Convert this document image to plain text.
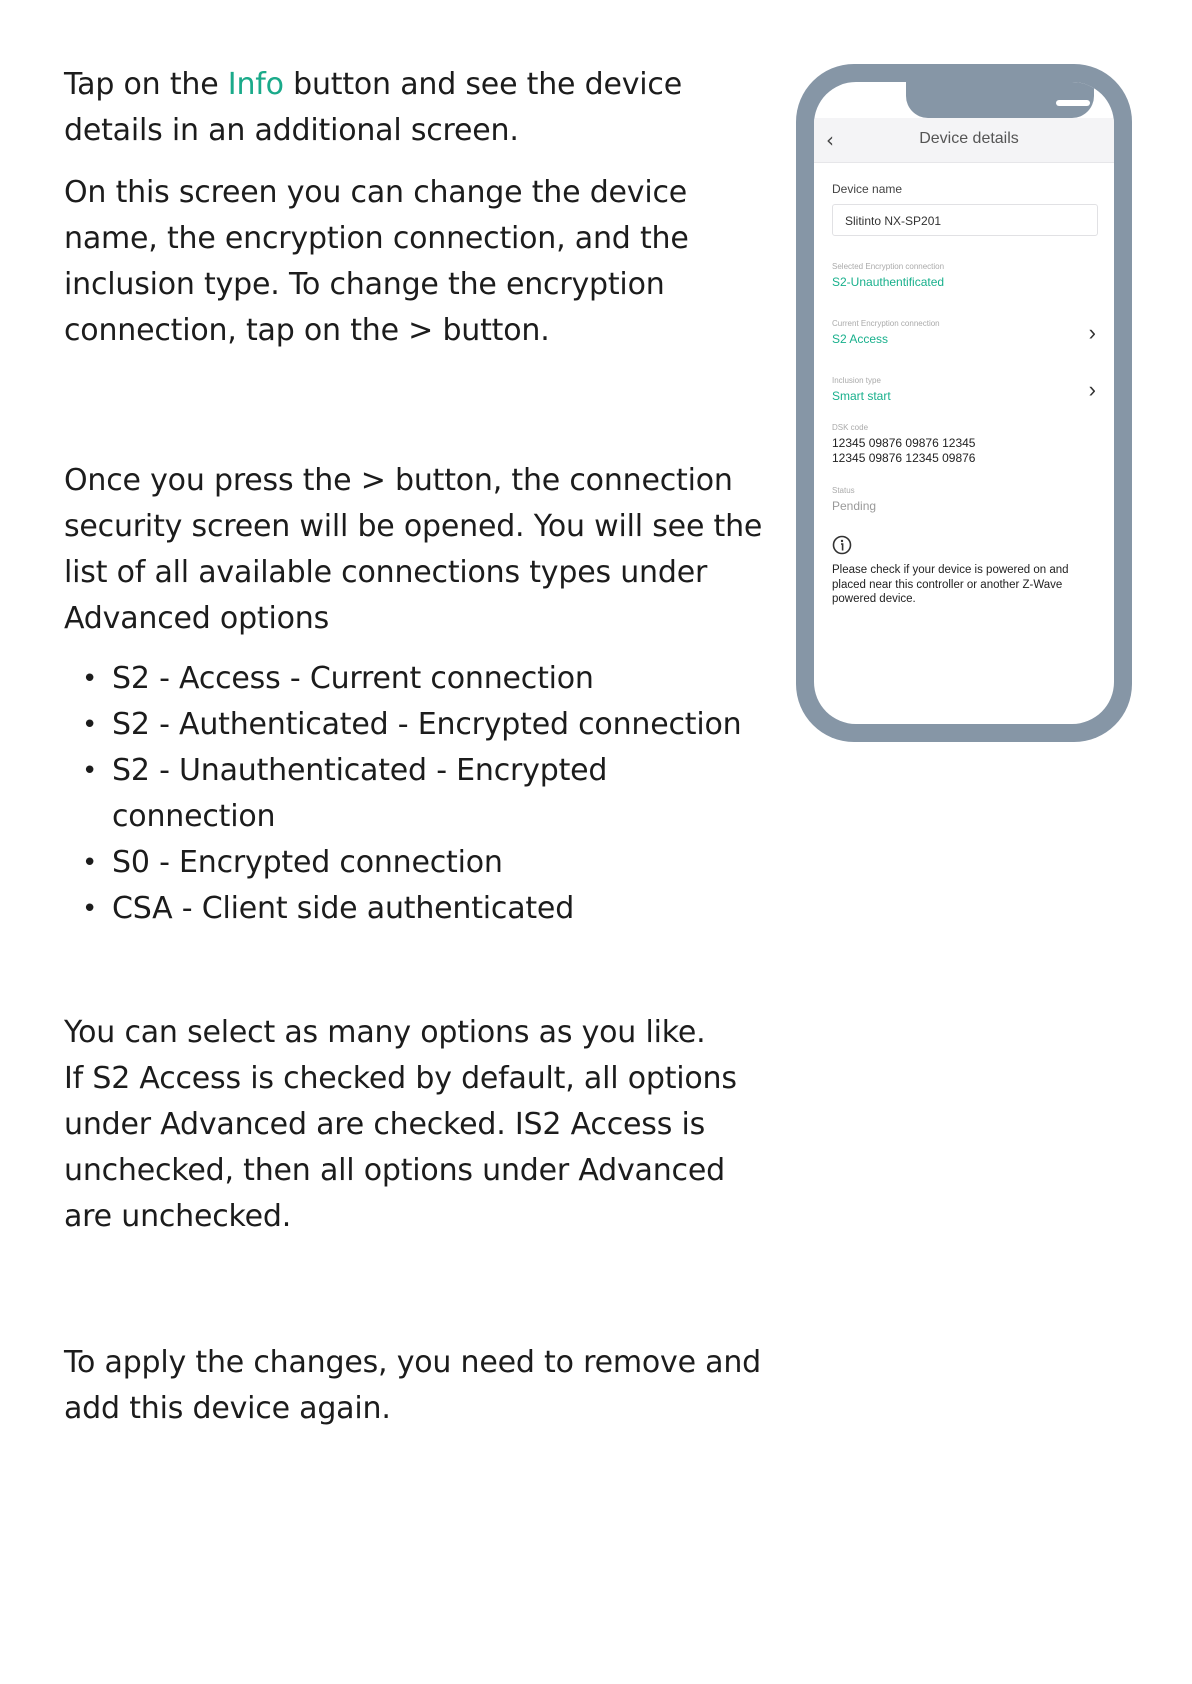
Tap on the Info button and see the device details in an additional screen.

On this screen you can change the device name, the encryption connection, and the inclusion type. To change the encryption connection, tap on the > button.

Once you press the > button, the connection security screen will be opened. You will see the list of all available connections types under Advanced options

• S2 - Access - Current connection
• S2 - Authenticated - Encrypted connection
• S2 - Unauthenticated - Encrypted connection
• S0 - Encrypted connection
• CSA - Client side authenticated

You can select as many options as you like.

If S2 Access is checked by default, all options under Advanced are checked. IS2 Access is unchecked, then all options under Advanced are unchecked.

To apply the changes, you need to remove and add this device again.

‹	Device details
Device name
Slitinto NX-SP201
Selected Encryption connection
S2-Unauthentificated
Current Encryption connection
S2 Access	›
Inclusion type
Smart start	›
DSK code
12345 09876 09876 12345
12345 09876 12345 09876
Status
Pending
Please check if your device is powered on and placed near this controller or another Z-Wave powered device.
